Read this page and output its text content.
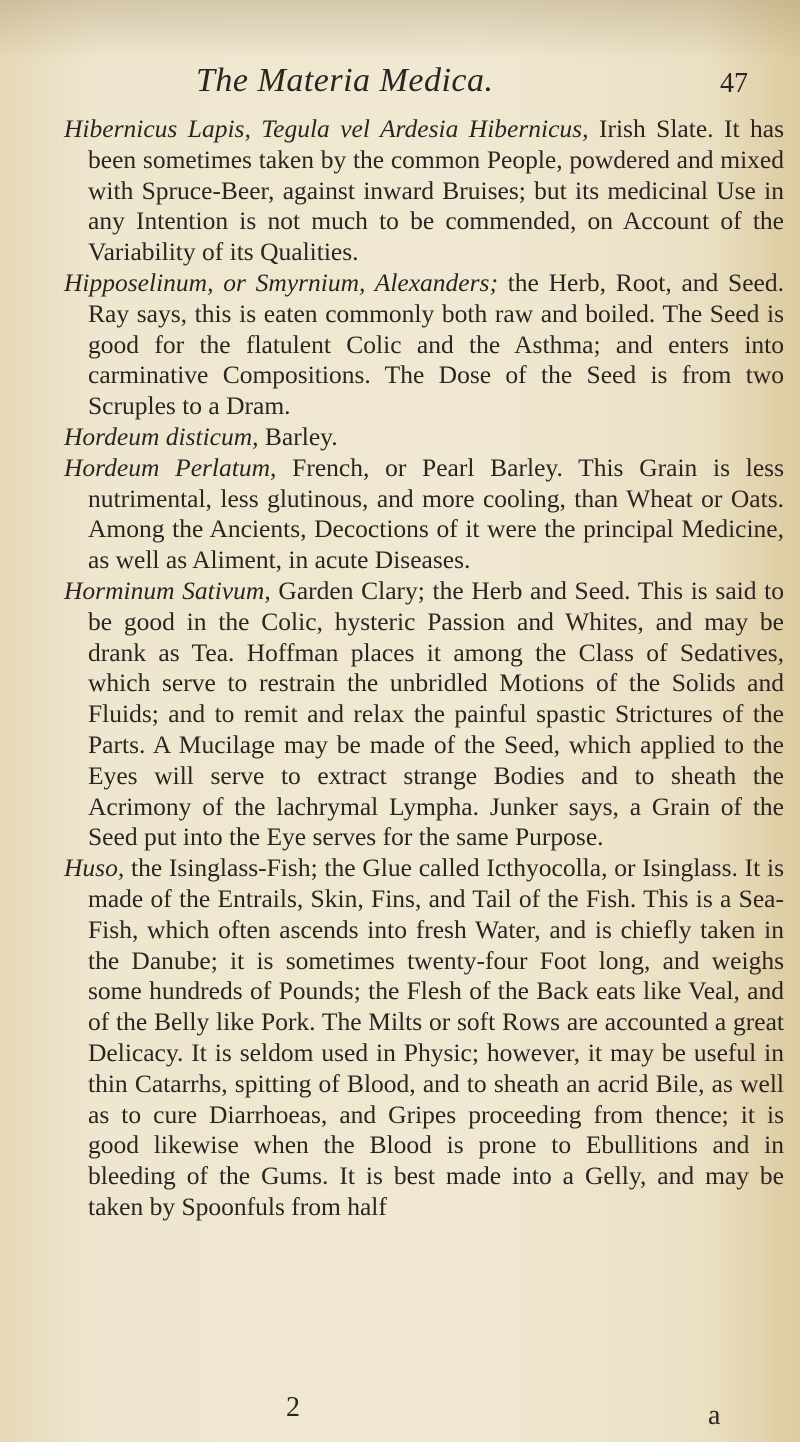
The Materia Medica.	47

Hibernicus Lapis, Tegula vel Ardesia Hibernicus, Irish Slate. It has been sometimes taken by the common People, powdered and mixed with Spruce-Beer, against inward Bruises; but its medicinal Use in any Intention is not much to be commended, on Account of the Variability of its Qualities.

Hipposelinum, or Smyrnium, Alexanders; the Herb, Root, and Seed. Ray says, this is eaten commonly both raw and boiled. The Seed is good for the flatulent Colic and the Asthma; and enters into carminative Compositions. The Dose of the Seed is from two Scruples to a Dram.

Hordeum disticum, Barley.

Hordeum Perlatum, French, or Pearl Barley. This Grain is less nutrimental, less glutinous, and more cooling, than Wheat or Oats. Among the Ancients, Decoctions of it were the principal Medicine, as well as Aliment, in acute Diseases.

Horminum Sativum, Garden Clary; the Herb and Seed. This is said to be good in the Colic, hysteric Passion and Whites, and may be drank as Tea. Hoffman places it among the Class of Sedatives, which serve to restrain the unbridled Motions of the Solids and Fluids; and to remit and relax the painful spastic Strictures of the Parts. A Mucilage may be made of the Seed, which applied to the Eyes will serve to extract strange Bodies and to sheath the Acrimony of the lachrymal Lympha. Junker says, a Grain of the Seed put into the Eye serves for the same Purpose.

Huso, the Isinglass-Fish; the Glue called Icthyocolla, or Isinglass. It is made of the Entrails, Skin, Fins, and Tail of the Fish. This is a Sea-Fish, which often ascends into fresh Water, and is chiefly taken in the Danube; it is sometimes twenty-four Foot long, and weighs some hundreds of Pounds; the Flesh of the Back eats like Veal, and of the Belly like Pork. The Milts or soft Rows are accounted a great Delicacy. It is seldom used in Physic; however, it may be useful in thin Catarrhs, spitting of Blood, and to sheath an acrid Bile, as well as to cure Diarrhoeas, and Gripes proceeding from thence; it is good likewise when the Blood is prone to Ebullitions and in bleeding of the Gums. It is best made into a Gelly, and may be taken by Spoonfuls from half

2	a
